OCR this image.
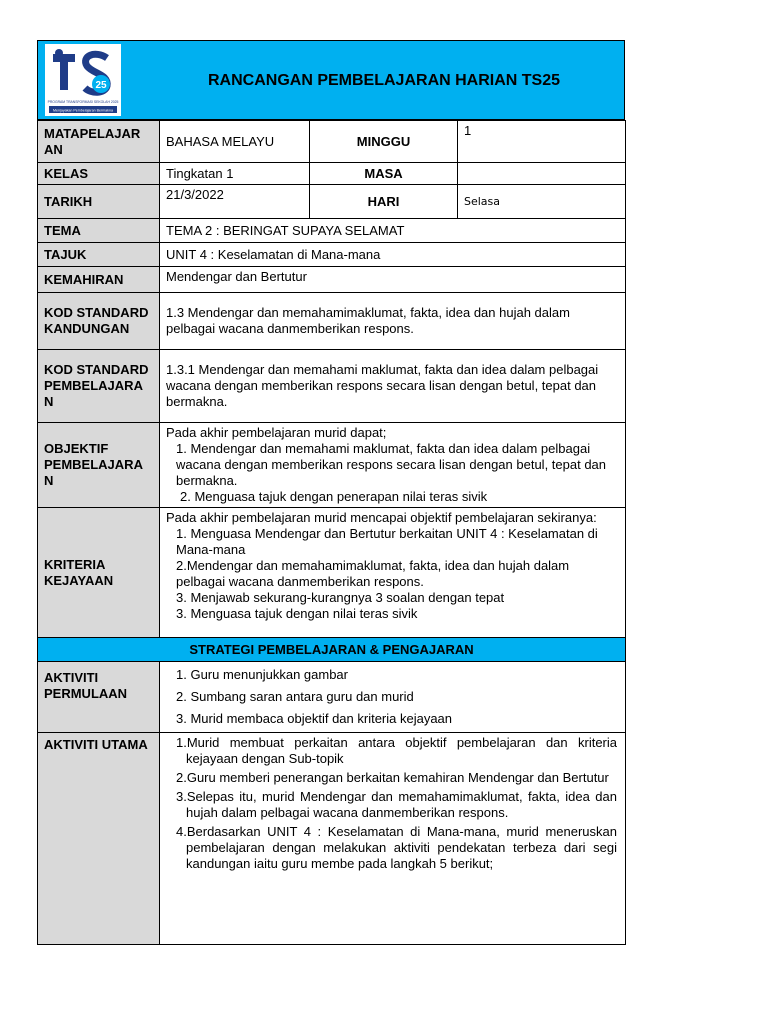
25
PROGRAM TRANSFORMASI SEKOLAH 2025
Menjayakan Pembelajaran Bermakna
RANCANGAN PEMBELAJARAN HARIAN TS25
MATAPELAJAR AN	BAHASA MELAYU	MINGGU	1
KELAS	Tingkatan 1	MASA	
TARIKH	21/3/2022	HARI	Selasa
TEMA	TEMA 2 : BERINGAT SUPAYA SELAMAT		
TAJUK	UNIT 4 : Keselamatan di Mana-mana		
KEMAHIRAN	Mendengar dan Bertutur		
KOD STANDARD KANDUNGAN	1.3 Mendengar dan memahamimaklumat, fakta, idea dan hujah dalam pelbagai wacana danmemberikan respons.		
KOD STANDARD PEMBELAJARA N	1.3.1 Mendengar dan memahami maklumat, fakta dan idea dalam pelbagai wacana dengan memberikan respons secara lisan dengan betul, tepat dan bermakna.		
OBJEKTIF PEMBELAJARA N	Pada akhir pembelajaran murid dapat;
1. Mendengar dan memahami maklumat, fakta dan idea dalam pelbagai wacana dengan memberikan respons secara lisan dengan betul, tepat dan bermakna.
2. Menguasa tajuk dengan penerapan nilai teras sivik		

KRITERIA KEJAYAAN	Pada akhir pembelajaran murid mencapai objektif pembelajaran sekiranya:
1. Menguasa Mendengar dan Bertutur berkaitan UNIT 4 : Keselamatan di Mana-mana
2.Mendengar dan memahamimaklumat, fakta, idea dan hujah dalam pelbagai wacana danmemberikan respons.
3. Menjawab sekurang-kurangnya 3 soalan dengan tepat
3. Menguasa tajuk dengan nilai teras sivik		

STRATEGI PEMBELAJARAN & PENGAJARAN			
AKTIVITI PERMULAAN	1. Guru menunjukkan gambar
2. Sumbang saran antara guru dan murid
3. Murid membaca objektif dan kriteria kejayaan		

AKTIVITI UTAMA	1.Murid membuat perkaitan antara objektif pembelajaran dan kriteria kejayaan dengan Sub-topik
2.Guru memberi penerangan berkaitan kemahiran Mendengar dan Bertutur
3.Selepas itu, murid Mendengar dan memahamimaklumat, fakta, idea dan hujah dalam pelbagai wacana danmemberikan respons.
4.Berdasarkan UNIT 4 : Keselamatan di Mana-mana, murid meneruskan pembelajaran dengan melakukan aktiviti pendekatan terbeza dari segi kandungan iaitu guru membe pada langkah 5 berikut;		
